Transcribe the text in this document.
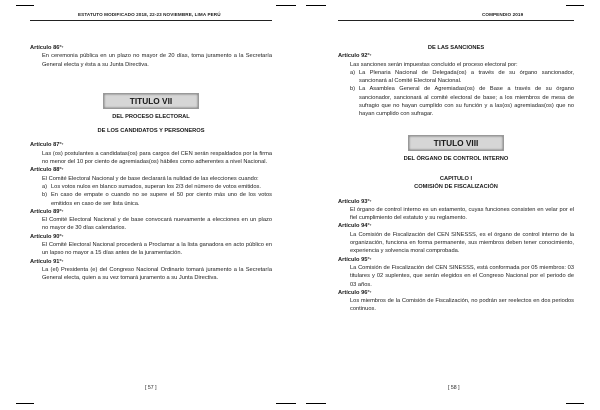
ESTATUTO MODIFICADO 2018, 22-23 NOVIEMBRE, LIMA PERÚ

Artículo 86°*

En ceremonia pública en un plazo no mayor de 20 días, toma juramento a la Secretaría General electa y ésta a su Junta Directiva.

TITULO VII

DEL PROCESO ELECTORAL

DE LOS CANDIDATOS Y PERSONEROS

Artículo 87°*

Las (os) postulantes a candidatas(os) para cargos del CEN serán respaldados por la firma no menor del 10 por ciento de agremiadas(os) hábiles como adherentes a nivel Nacional.

Artículo 88°*

El Comité Electoral Nacional y de base declarará la nulidad de las elecciones cuando:

a) Los votos nulos en blanco sumados, superan los 2/3 del número de votos emitidos.
b) En caso de empate o cuando no se supere el 50 por ciento más uno de los votos emitidos en caso de ser lista única.

Artículo 89°*

El Comité Electoral Nacional y de base convocará nuevamente a elecciones en un plazo no mayor de 30 días calendarios.

Artículo 90°*

El Comité Electoral Nacional procederá a Proclamar a la lista ganadora en acto público en un lapso no mayor a 15 días antes de la juramentación.

Artículo 91°*

La (el) Presidenta (e) del Congreso Nacional Ordinario tomará juramento a la Secretaría General electa, quien a su vez tomará juramento a su Junta Directiva.

[ 57 ]
COMPENDIO 2019

DE LAS SANCIONES

Artículo 92°*

Las sanciones serán impuestas concluido el proceso electoral por:

a) La Plenaria Nacional de Delegada(os) a través de su órgano sancionador, sancionará al Comité Electoral Nacional.
b) La Asamblea General de Agremiadas(os) de Base a través de su órgano sancionador, sancionará al comité electoral de base; a los miembros de mesa de sufragio que no hayan cumplido con su función y a las(os) agremiadas(os) que no hayan cumplido con sufragar.
TITULO VIII

DEL ÓRGANO DE CONTROL INTERNO

CAPITULO I

COMISIÓN DE FISCALIZACIÓN

Artículo 93°*

El órgano de control interno es un estamento, cuyas funciones consisten en velar por el fiel cumplimiento del estatuto y su reglamento.

Artículo 94°*

La Comisión de Fiscalización del CEN SINESSS, es el órgano de control interno de la organización, funciona en forma permanente, sus miembros deben tener conocimiento, experiencia y solvencia moral comprobada.

Artículo 95°*

La Comisión de Fiscalización del CEN SINESSS, está conformada por 05 miembros: 03 titulares y 02 suplentes, que serán elegidos en el Congreso Nacional por el periodo de 03 años.

Artículo 96°*

Los miembros de la Comisión de Fiscalización, no podrán ser reelectos en dos periodos continuos.

[ 58 ]
